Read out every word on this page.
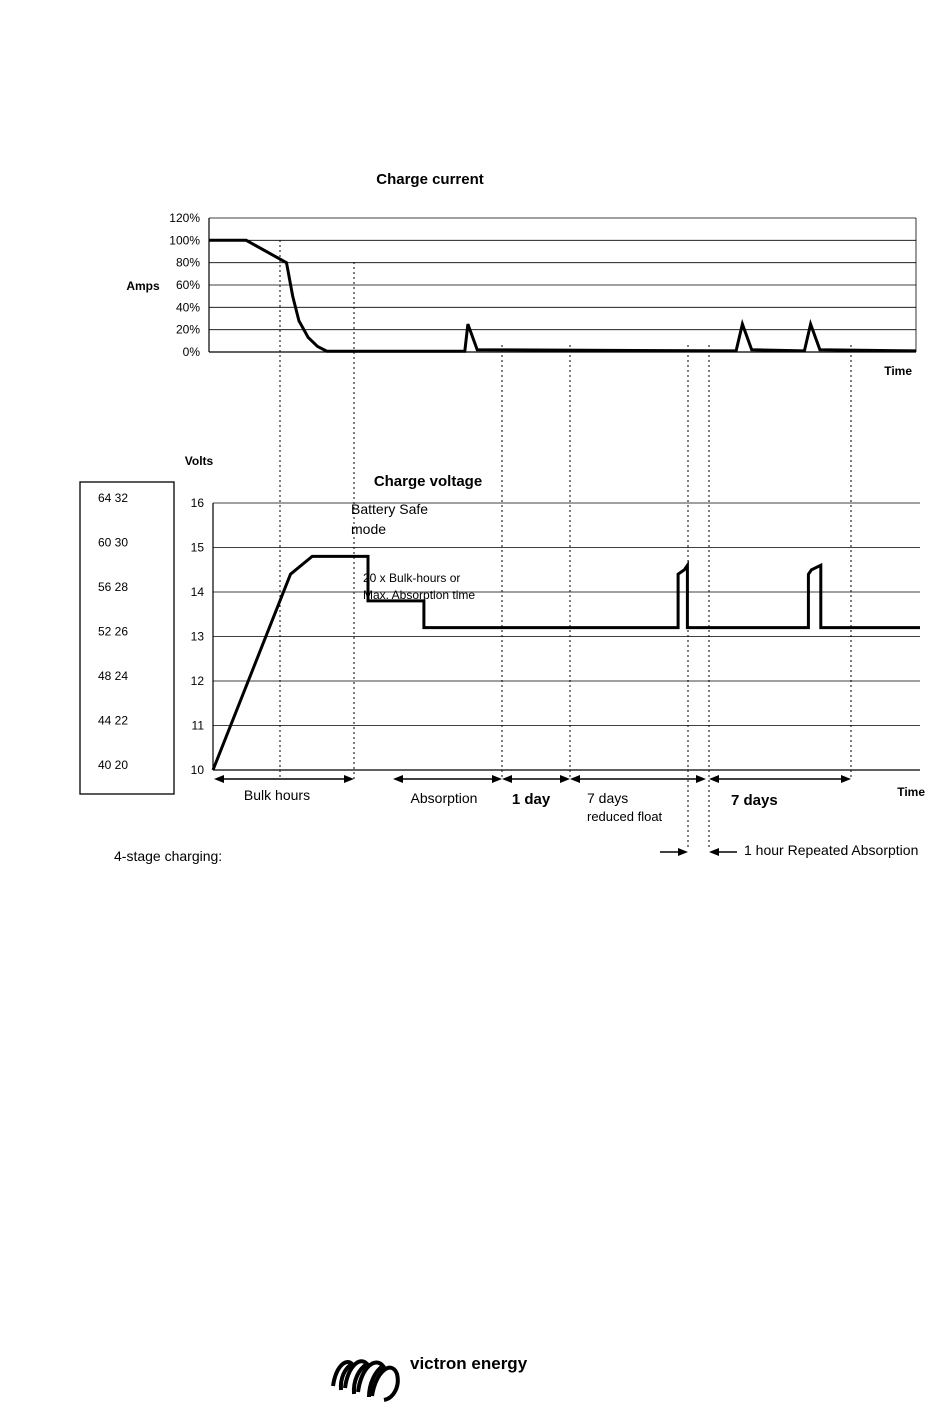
Charge current
120%
100%
80%
60%
40%
20%
0%
Amps
Time
Volts
Charge voltage
64 32
60 30
56 28
52 26
48 24
44 22
40 20
16
15
14
13
12
11
10
Time
Battery Safe
mode
20 x Bulk-hours or
Max. Absorption time
Bulk hours	Absorption 1 day	7 days
reduced float
7 days
1 hour Repeated Absorption
4-stage charging:
victron energy
